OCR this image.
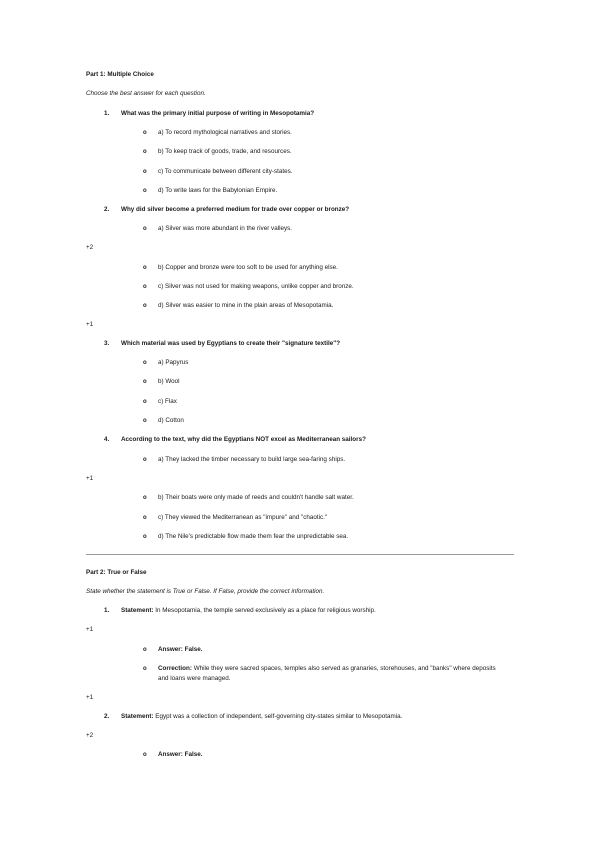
Part 1: Multiple Choice
Choose the best answer for each question.
1. What was the primary initial purpose of writing in Mesopotamia?
o a) To record mythological narratives and stories.
o b) To keep track of goods, trade, and resources.
o c) To communicate between different city-states.
o d) To write laws for the Babylonian Empire.
2. Why did silver become a preferred medium for trade over copper or bronze?
o a) Silver was more abundant in the river valleys.
+2
o b) Copper and bronze were too soft to be used for anything else.
o c) Silver was not used for making weapons, unlike copper and bronze.
o d) Silver was easier to mine in the plain areas of Mesopotamia.
+1
3. Which material was used by Egyptians to create their "signature textile"?
o a) Papyrus
o b) Wool
o c) Flax
o d) Cotton
4. According to the text, why did the Egyptians NOT excel as Mediterranean sailors?
o a) They lacked the timber necessary to build large sea-faring ships.
+1
o b) Their boats were only made of reeds and couldn't handle salt water.
o c) They viewed the Mediterranean as "impure" and "chaotic."
o d) The Nile's predictable flow made them fear the unpredictable sea.
Part 2: True or False
State whether the statement is True or False. If False, provide the correct information.
1. Statement: In Mesopotamia, the temple served exclusively as a place for religious worship.
+1
o Answer: False.
o Correction: While they were sacred spaces, temples also served as granaries, storehouses, and "banks" where deposits and loans were managed.
+1
2. Statement: Egypt was a collection of independent, self-governing city-states similar to Mesopotamia.
+2
o Answer: False.
